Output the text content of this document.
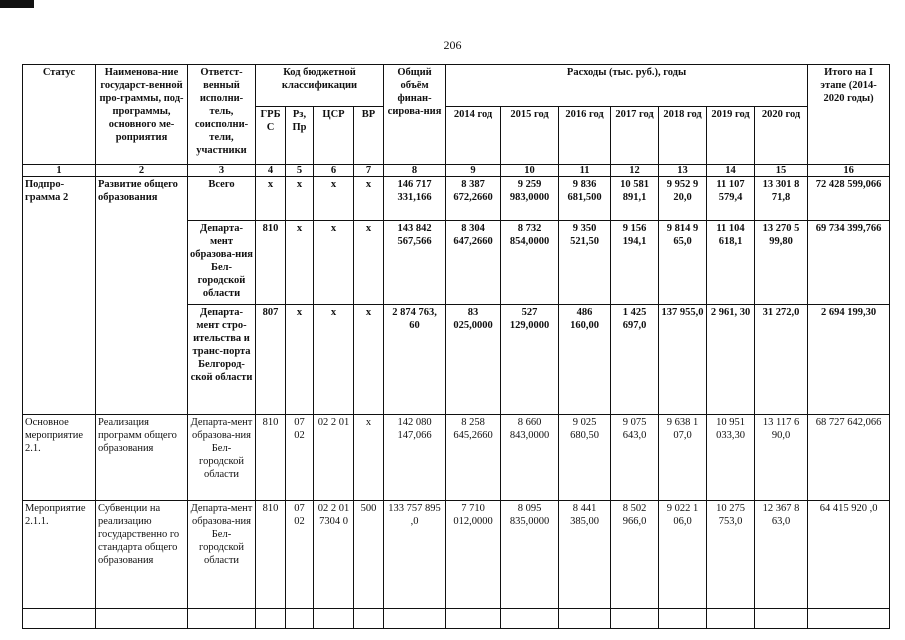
206
Статус	Наименова-ние государст-венной про-граммы, под-программы, основного ме-роприятия	Ответст-венный исполни-тель, соисполни-тели, участники	Код бюджетной классификации				Общий объём финан-сирова-ния	Расходы (тыс. руб.), годы							Итого на I этапе (2014-2020 годы)
			ГРБ С	Рз, Пр	ЦСР	ВР		2014 год	2015 год	2016 год	2017 год	2018 год	2019 год	2020 год	
1	2	3	4	5	6	7	8	9	10	11	12	13	14	15	16
Подпро-грамма 2	Развитие общего образования	Всего	х	х	х	х	146 717 331,166	8 387 672,2660	9 259 983,0000	9 836 681,500	10 581 891,1	9 952 9 20,0	11 107 579,4	13 301 8 71,8	72 428 599,066
		Департа-мент образова-ния Бел-городской области	810	х	х	х	143 842 567,566	8 304 647,2660	8 732 854,0000	9 350 521,50	9 156 194,1	9 814 9 65,0	11 104 618,1	13 270 5 99,80	69 734 399,766
		Департа-мент стро-ительства и транс-порта Белгород-ской области	807	х	х	х	2 874 763, 60	83 025,0000	527 129,0000	486 160,00	1 425 697,0	137 955,0	2 961, 30	31 272,0	2 694 199,30
Основное мероприятие 2.1.	Реализация программ общего образования	Департа-мент образова-ния Бел-городской области	810	07 02	02 2 01	х	142 080 147,066	8 258 645,2660	8 660 843,0000	9 025 680,50	9 075 643,0	9 638 1 07,0	10 951 033,30	13 117 6 90,0	68 727 642,066
Мероприятие 2.1.1.	Субвенции на реализацию государственно го стандарта общего образования	Департа-мент образова-ния Бел-городской области	810	07 02	02 2 01 7304 0	500	133 757 895 ,0	7 710 012,0000	8 095 835,0000	8 441 385,00	8 502 966,0	9 022 1 06,0	10 275 753,0	12 367 8 63,0	64 415 920 ,0
